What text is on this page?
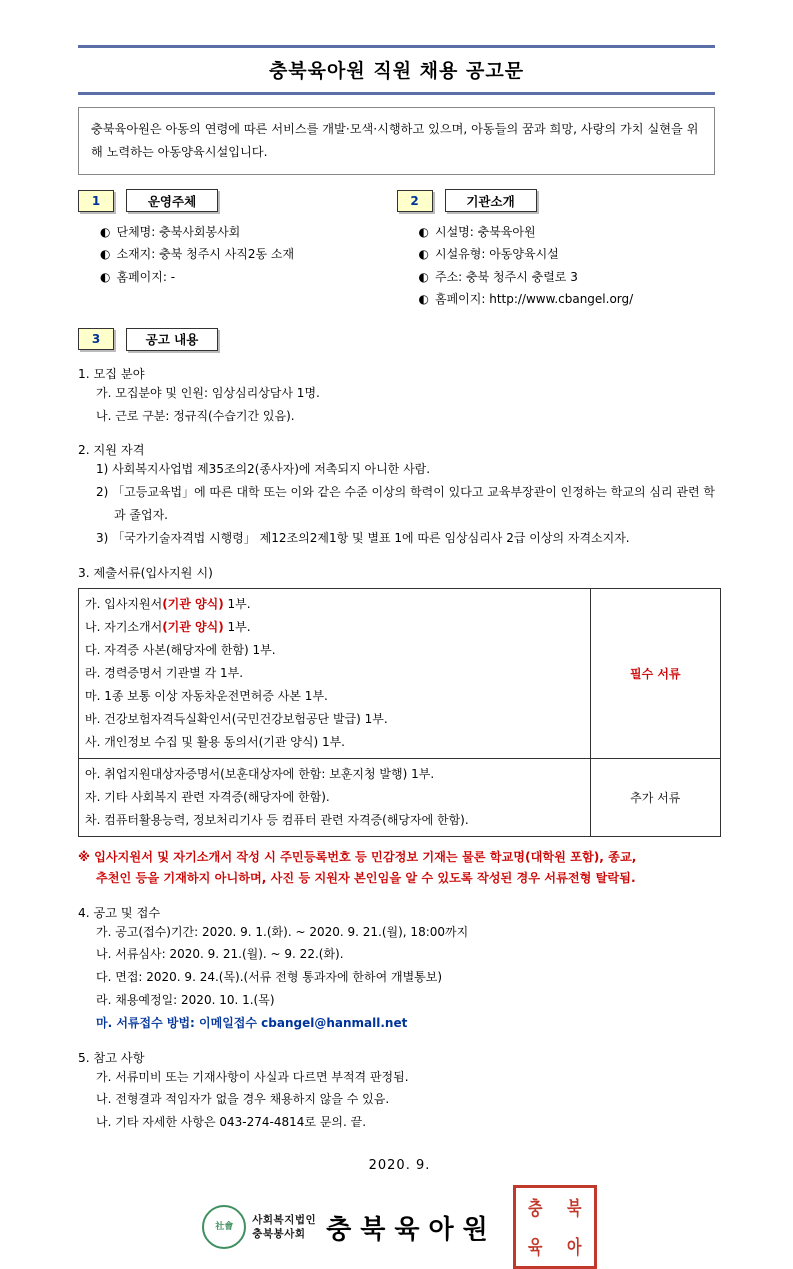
충북육아원 직원 채용 공고문
충북육아원은 아동의 연령에 따른 서비스를 개발·모색·시행하고 있으며, 아동들의 꿈과 희망, 사랑의 가치 실현을 위해 노력하는 아동양육시설입니다.
1	운영주체
◐ 단체명: 충북사회봉사회
◐ 소재지: 충북 청주시 사직2동 소재
◐ 홈페이지: -
2	기관소개
◐ 시설명: 충북육아원
◐ 시설유형: 아동양육시설
◐ 주소: 충북 청주시 충렬로 3
◐ 홈페이지: http://www.cbangel.org/
3	공고 내용
1. 모집 분야
가. 모집분야 및 인원: 임상심리상담사 1명.
나. 근로 구분: 정규직(수습기간 있음).
2. 지원 자격
1) 사회복지사업법 제35조의2(종사자)에 저촉되지 아니한 사람.
2) 「고등교육법」에 따른 대학 또는 이와 같은 수준 이상의 학력이 있다고 교육부장관이 인정하는 학교의 심리 관련 학과 졸업자.
3) 「국가기술자격법 시행령」 제12조의2제1항 및 별표 1에 따른 임상심리사 2급 이상의 자격소지자.
3. 제출서류(입사지원 시)
가. 입사지원서(기관 양식) 1부.
나. 자기소개서(기관 양식) 1부.
다. 자격증 사본(해당자에 한함) 1부.
라. 경력증명서 기관별 각 1부.
마. 1종 보통 이상 자동차운전면허증 사본 1부.
바. 건강보험자격득실확인서(국민건강보험공단 발급) 1부.
사. 개인정보 수집 및 활용 동의서(기관 양식) 1부.
	필수 서류

아. 취업지원대상자증명서(보훈대상자에 한함: 보훈지청 발행) 1부.
자. 기타 사회복지 관련 자격증(해당자에 한함).
차. 컴퓨터활용능력, 정보처리기사 등 컴퓨터 관련 자격증(해당자에 한함).	추가 서류
※ 입사지원서 및 자기소개서 작성 시 주민등록번호 등 민감정보 기재는 물론 학교명(대학원 포함), 종교,
추천인 등을 기재하지 아니하며, 사진 등 지원자 본인임을 알 수 있도록 작성된 경우 서류전형 탈락됨.
4. 공고 및 접수
가. 공고(접수)기간: 2020. 9. 1.(화). ~ 2020. 9. 21.(월), 18:00까지
나. 서류심사: 2020. 9. 21.(월). ~ 9. 22.(화).
다. 면접: 2020. 9. 24.(목).(서류 전형 통과자에 한하여 개별통보)
라. 채용예정일: 2020. 10. 1.(목)
마. 서류접수 방법: 이메일접수 cbangel@hanmall.net
5. 참고 사항
가. 서류미비 또는 기재사항이 사실과 다르면 부적격 판정됨.
나. 전형결과 적임자가 없을 경우 채용하지 않을 수 있음.
나. 기타 자세한 사항은 043-274-4814로 문의. 끝.
2020. 9.
社會
사회복지법인
충북봉사회 충북육아원
충 북
육 아
